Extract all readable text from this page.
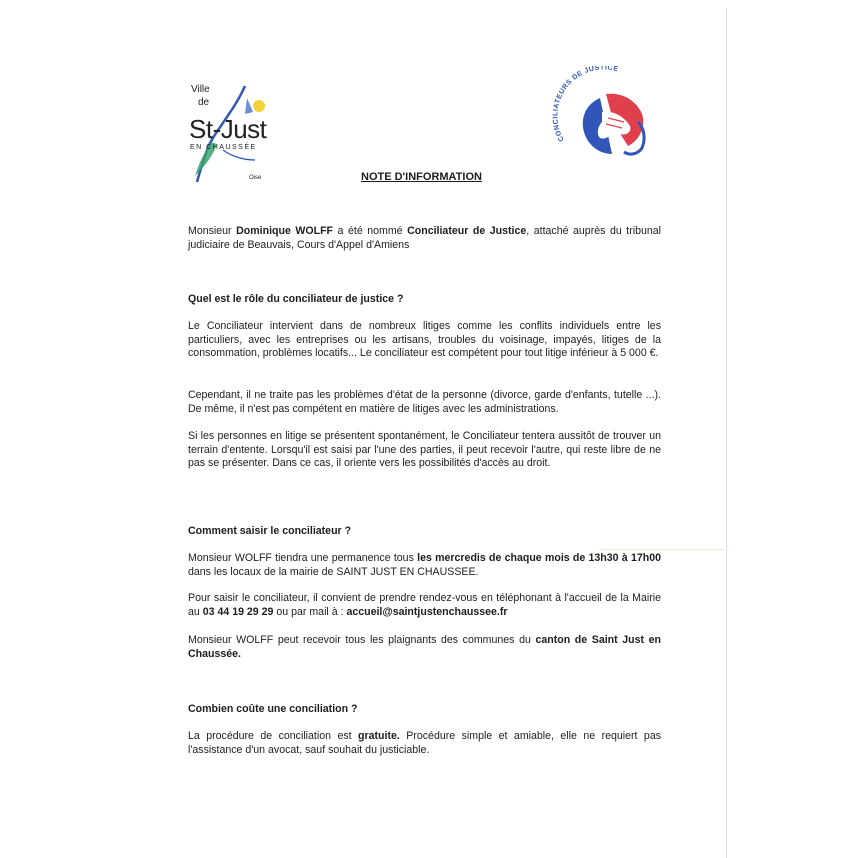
Ville
de
St-Just
EN CHAUSSÉE
Oise
CONCILIATEURS DE JUSTICE
NOTE D'INFORMATION
Monsieur Dominique WOLFF a été nommé Conciliateur de Justice, attaché auprès du tribunal judiciaire de Beauvais, Cours d'Appel d'Amiens
Quel est le rôle du conciliateur de justice ?
Le Conciliateur intervient dans de nombreux litiges comme les conflits individuels entre les particuliers, avec les entreprises ou les artisans, troubles du voisinage, impayés, litiges de la consommation, problèmes locatifs... Le conciliateur est compétent pour tout litige inférieur à 5 000 €.
Cependant, il ne traite pas les problèmes d'état de la personne (divorce, garde d'enfants, tutelle ...). De même, il n'est pas compétent en matière de litiges avec les administrations.
Si les personnes en litige se présentent spontanément, le Conciliateur tentera aussitôt de trouver un terrain d'entente. Lorsqu'il est saisi par l'une des parties, il peut recevoir l'autre, qui reste libre de ne pas se présenter. Dans ce cas, il oriente vers les possibilités d'accès au droit.
Comment saisir le conciliateur ?
Monsieur WOLFF tiendra une permanence tous les mercredis de chaque mois de 13h30 à 17h00 dans les locaux de la mairie de SAINT JUST EN CHAUSSEE.
Pour saisir le conciliateur, il convient de prendre rendez-vous en téléphonant à l'accueil de la Mairie au 03 44 19 29 29 ou par mail à : accueil@saintjustenchaussee.fr
Monsieur WOLFF peut recevoir tous les plaignants des communes du canton de Saint Just en Chaussée.
Combien coûte une conciliation ?
La procédure de conciliation est gratuite. Procédure simple et amiable, elle ne requiert pas l'assistance d'un avocat, sauf souhait du justiciable.
